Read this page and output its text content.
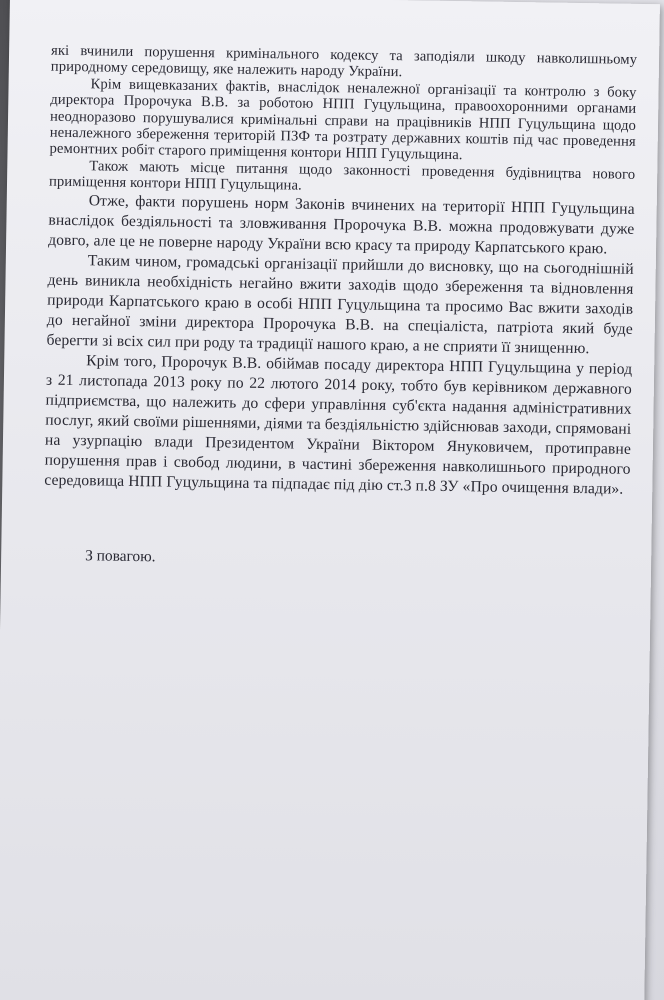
які вчинили порушення кримінального кодексу та заподіяли шкоду навколишньому природному середовищу, яке належить народу України.

Крім вищевказаних фактів, внаслідок неналежної організації та контролю з боку директора Пророчука В.В. за роботою НПП Гуцульщина, правоохоронними органами неодноразово порушувалися кримінальні справи на працівників НПП Гуцульщина щодо неналежного збереження територій ПЗФ та розтрату державних коштів під час проведення ремонтних робіт старого приміщення контори НПП Гуцульщина.

Також мають місце питання щодо законності проведення будівництва нового приміщення контори НПП Гуцульщина.

Отже, факти порушень норм Законів вчинених на території НПП Гуцульщина внаслідок бездіяльності та зловживання Пророчука В.В. можна продовжувати дуже довго, але це не поверне народу України всю красу та природу Карпатського краю.

Таким чином, громадські організації прийшли до висновку, що на сьогоднішній день виникла необхідність негайно вжити заходів щодо збереження та відновлення природи Карпатського краю в особі НПП Гуцульщина та просимо Вас вжити заходів до негайної зміни директора Пророчука В.В. на спеціаліста, патріота який буде берегти зі всіх сил при роду та традиції нашого краю, а не сприяти її знищенню.

Крім того, Пророчук В.В. обіймав посаду директора НПП Гуцульщина у період з 21 листопада 2013 року по 22 лютого 2014 року, тобто був керівником державного підприємства, що належить до сфери управління суб'єкта надання адміністративних послуг, який своїми рішеннями, діями та бездіяльністю здійснював заходи, спрямовані на узурпацію влади Президентом України Віктором Януковичем, протиправне порушення прав і свобод людини, в частині збереження навколишнього природного середовища НПП Гуцульщина та підпадає під дію ст.3 п.8 ЗУ «Про очищення влади».

З повагою.
